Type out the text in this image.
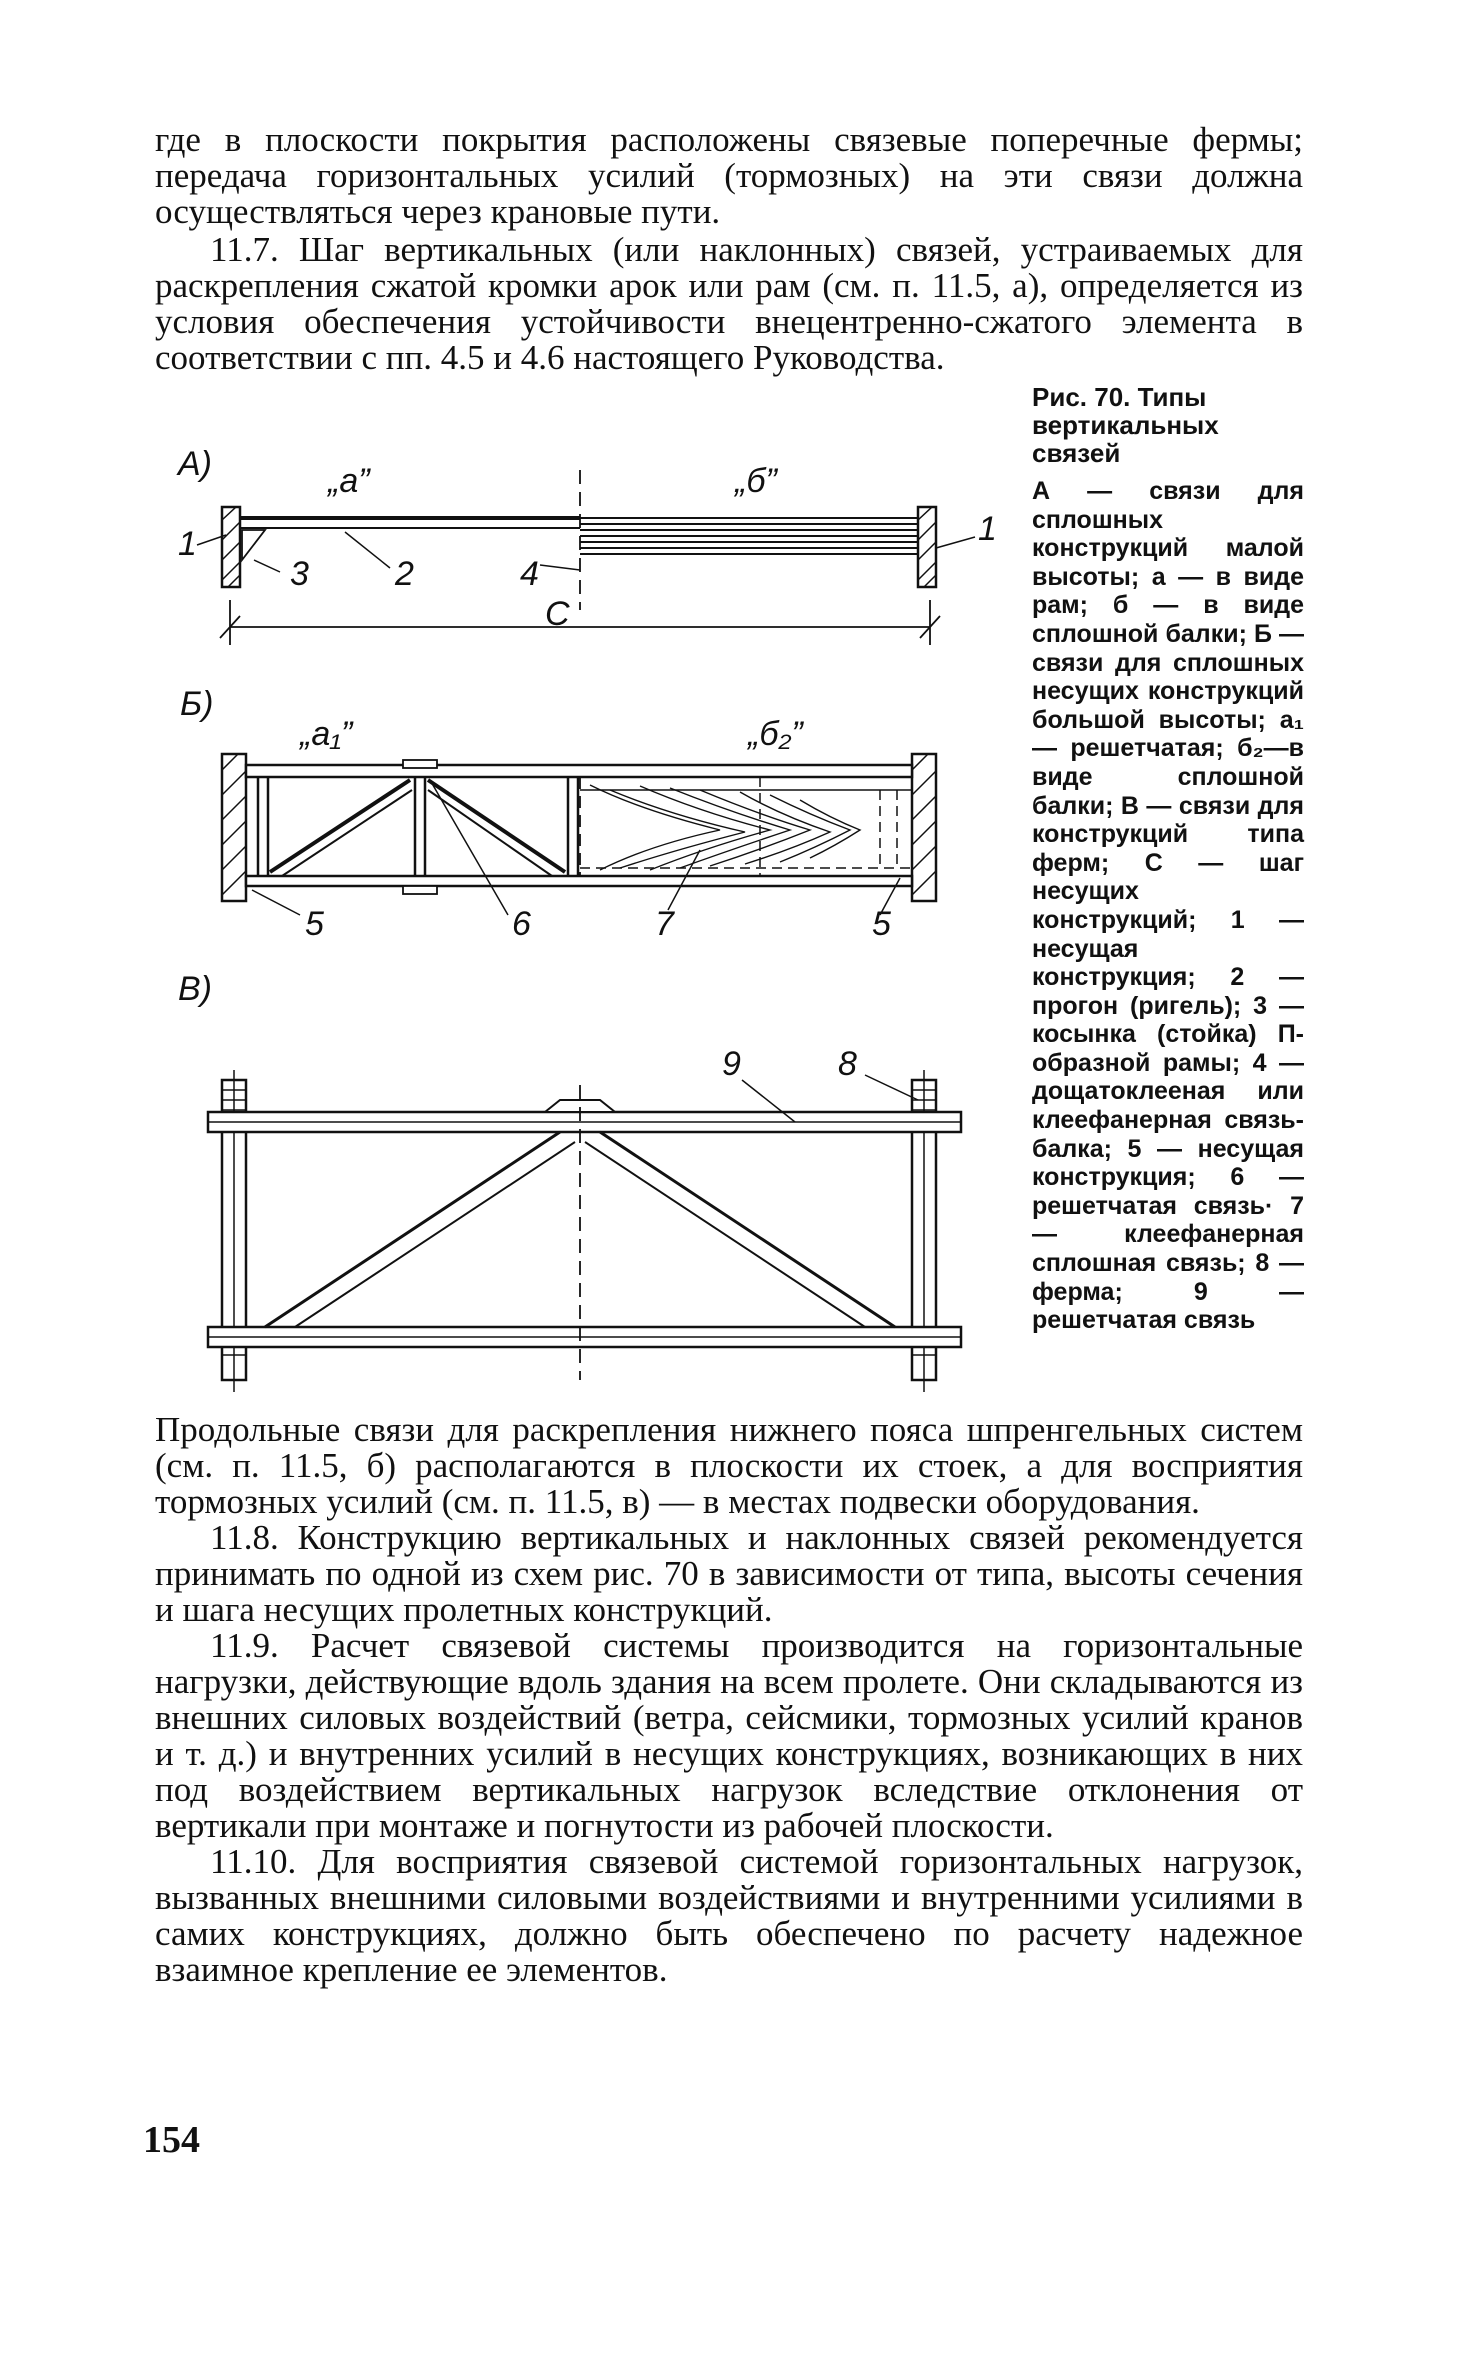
где в плоскости покрытия расположены связевые поперечные фермы; передача горизонтальных усилий (тормозных) на эти связи должна осуществляться через крановые пути.
11.7. Шаг вертикальных (или наклонных) связей, устраиваемых для раскрепления сжатой кромки арок или рам (см. п. 11.5, а), определяется из условия обеспечения устойчивости внецентренно-сжатого элемента в соответствии с пп. 4.5 и 4.6 настоящего Руководства.
А)	„а”	„б”
1
3	2	4
1
С
Б)
„а₁”	„б₂”
5	6	7	5
В)
9	8
Рис. 70. Типы вертикальных связей
А — связи для сплошных конструкций малой высоты; а — в виде рам; б — в виде сплошной балки; Б — связи для сплошных несущих конструкций большой высоты; а₁ — решетчатая; б₂—в виде сплошной балки; В — связи для конструкций типа ферм; С — шаг несущих конструкций; 1 — несущая конструкция; 2 — прогон (ригель); 3 — косынка (стойка) П-образной рамы; 4 — дощатоклееная или клеефанерная связь-балка; 5 — несущая конструкция; 6 — решетчатая связь· 7 — клеефанерная сплошная связь; 8 — ферма; 9 — решетчатая связь

Продольные связи для раскрепления нижнего пояса шпренгельных систем (см. п. 11.5, б) располагаются в плоскости их стоек, а для восприятия тормозных усилий (см. п. 11.5, в) — в местах подвески оборудования.

11.8. Конструкцию вертикальных и наклонных связей рекомендуется принимать по одной из схем рис. 70 в зависимости от типа, высоты сечения и шага несущих пролетных конструкций.

11.9. Расчет связевой системы производится на горизонтальные нагрузки, действующие вдоль здания на всем пролете. Они складываются из внешних силовых воздействий (ветра, сейсмики, тормозных усилий кранов и т. д.) и внутренних усилий в несущих конструкциях, возникающих в них под воздействием вертикальных нагрузок вследствие отклонения от вертикали при монтаже и погнутости из рабочей плоскости.

11.10. Для восприятия связевой системой горизонтальных нагрузок, вызванных внешними силовыми воздействиями и внутренними усилиями в самих конструкциях, должно быть обеспечено по расчету надежное взаимное крепление ее элементов.

154
